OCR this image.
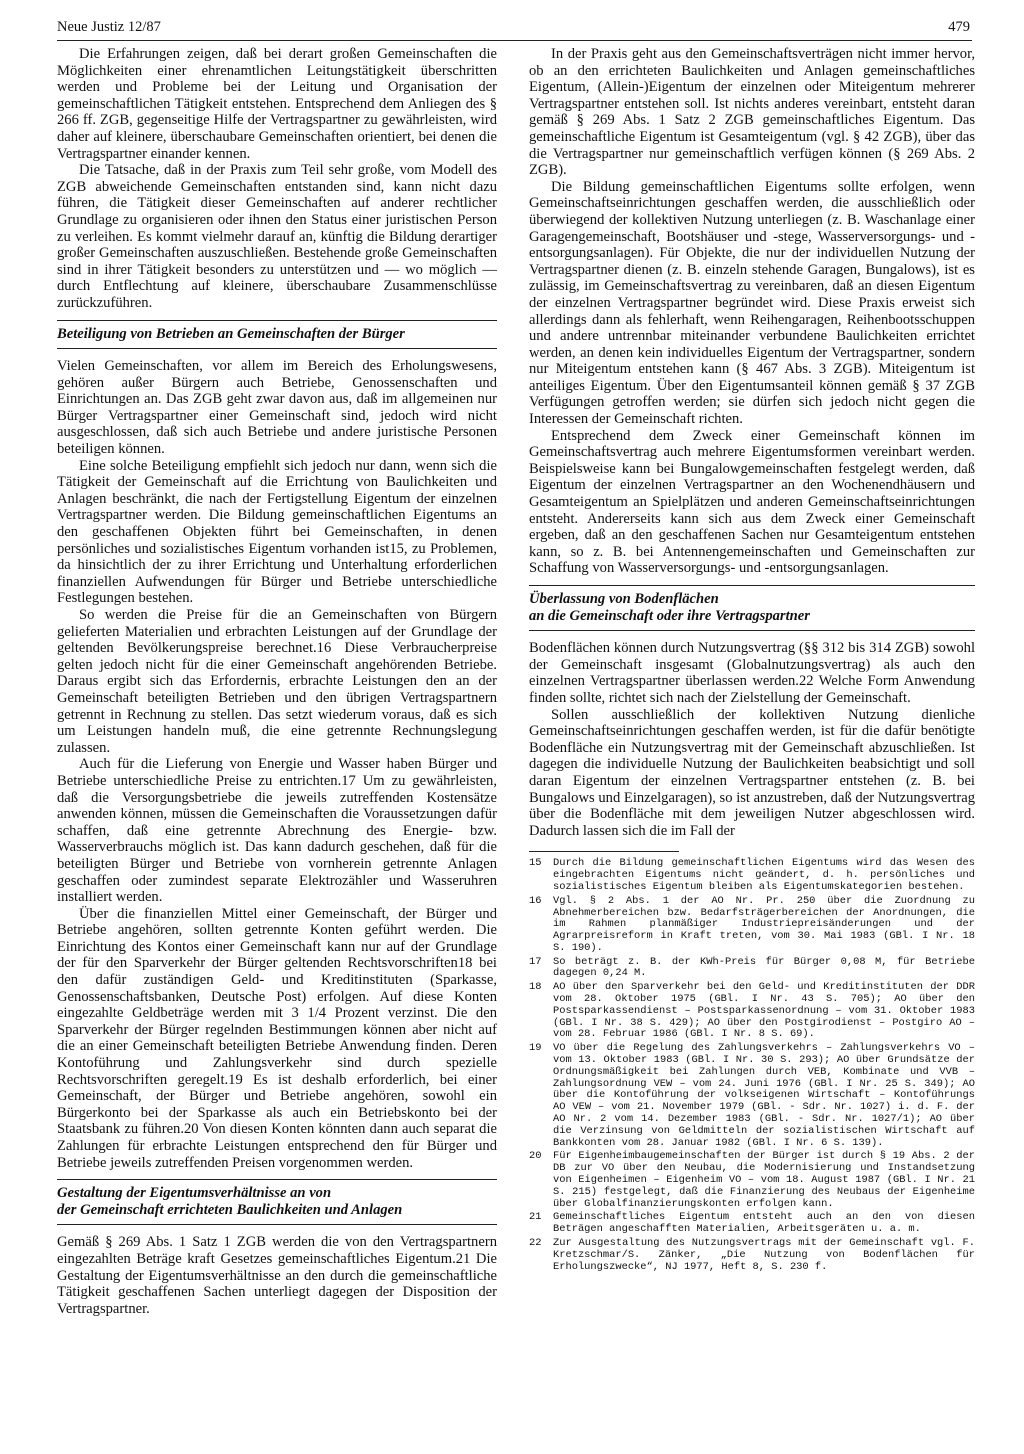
Neue Justiz 12/87	479

Die Erfahrungen zeigen, daß bei derart großen Gemeinschaften die Möglichkeiten einer ehrenamtlichen Leitungstätigkeit überschritten werden und Probleme bei der Leitung und Organisation der gemeinschaftlichen Tätigkeit entstehen. Entsprechend dem Anliegen des § 266 ff. ZGB, gegenseitige Hilfe der Vertragspartner zu gewährleisten, wird daher auf kleinere, überschaubare Gemeinschaften orientiert, bei denen die Vertragspartner einander kennen.

Die Tatsache, daß in der Praxis zum Teil sehr große, vom Modell des ZGB abweichende Gemeinschaften entstanden sind, kann nicht dazu führen, die Tätigkeit dieser Gemeinschaften auf anderer rechtlicher Grundlage zu organisieren oder ihnen den Status einer juristischen Person zu verleihen. Es kommt vielmehr darauf an, künftig die Bildung derartiger großer Gemeinschaften auszuschließen. Bestehende große Gemeinschaften sind in ihrer Tätigkeit besonders zu unterstützen und — wo möglich — durch Entflechtung auf kleinere, überschaubare Zusammenschlüsse zurückzuführen.

Beteiligung von Betrieben an Gemeinschaften der Bürger

Vielen Gemeinschaften, vor allem im Bereich des Erholungswesens, gehören außer Bürgern auch Betriebe, Genossenschaften und Einrichtungen an. Das ZGB geht zwar davon aus, daß im allgemeinen nur Bürger Vertragspartner einer Gemeinschaft sind, jedoch wird nicht ausgeschlossen, daß sich auch Betriebe und andere juristische Personen beteiligen können.

Eine solche Beteiligung empfiehlt sich jedoch nur dann, wenn sich die Tätigkeit der Gemeinschaft auf die Errichtung von Baulichkeiten und Anlagen beschränkt, die nach der Fertigstellung Eigentum der einzelnen Vertragspartner werden. Die Bildung gemeinschaftlichen Eigentums an den geschaffenen Objekten führt bei Gemeinschaften, in denen persönliches und sozialistisches Eigentum vorhanden ist15, zu Problemen, da hinsichtlich der zu ihrer Errichtung und Unterhaltung erforderlichen finanziellen Aufwendungen für Bürger und Betriebe unterschiedliche Festlegungen bestehen.

So werden die Preise für die an Gemeinschaften von Bürgern gelieferten Materialien und erbrachten Leistungen auf der Grundlage der geltenden Bevölkerungspreise berechnet.16 Diese Verbraucherpreise gelten jedoch nicht für die einer Gemeinschaft angehörenden Betriebe. Daraus ergibt sich das Erfordernis, erbrachte Leistungen den an der Gemeinschaft beteiligten Betrieben und den übrigen Vertragspartnern getrennt in Rechnung zu stellen. Das setzt wiederum voraus, daß es sich um Leistungen handeln muß, die eine getrennte Rechnungslegung zulassen.

Auch für die Lieferung von Energie und Wasser haben Bürger und Betriebe unterschiedliche Preise zu entrichten.17 Um zu gewährleisten, daß die Versorgungsbetriebe die jeweils zutreffenden Kostensätze anwenden können, müssen die Gemeinschaften die Voraussetzungen dafür schaffen, daß eine getrennte Abrechnung des Energie- bzw. Wasserverbrauchs möglich ist. Das kann dadurch geschehen, daß für die beteiligten Bürger und Betriebe von vornherein getrennte Anlagen geschaffen oder zumindest separate Elektrozähler und Wasseruhren installiert werden.

Über die finanziellen Mittel einer Gemeinschaft, der Bürger und Betriebe angehören, sollten getrennte Konten geführt werden. Die Einrichtung des Kontos einer Gemeinschaft kann nur auf der Grundlage der für den Sparverkehr der Bürger geltenden Rechtsvorschriften18 bei den dafür zuständigen Geld- und Kreditinstituten (Sparkasse, Genossenschaftsbanken, Deutsche Post) erfolgen. Auf diese Konten eingezahlte Geldbeträge werden mit 3 1/4 Prozent verzinst. Die den Sparverkehr der Bürger regelnden Bestimmungen können aber nicht auf die an einer Gemeinschaft beteiligten Betriebe Anwendung finden. Deren Kontoführung und Zahlungsverkehr sind durch spezielle Rechtsvorschriften geregelt.19 Es ist deshalb erforderlich, bei einer Gemeinschaft, der Bürger und Betriebe angehören, sowohl ein Bürgerkonto bei der Sparkasse als auch ein Betriebskonto bei der Staatsbank zu führen.20 Von diesen Konten könnten dann auch separat die Zahlungen für erbrachte Leistungen entsprechend den für Bürger und Betriebe jeweils zutreffenden Preisen vorgenommen werden.

Gestaltung der Eigentumsverhältnisse an von
der Gemeinschaft errichteten Baulichkeiten und Anlagen

Gemäß § 269 Abs. 1 Satz 1 ZGB werden die von den Vertragspartnern eingezahlten Beträge kraft Gesetzes gemeinschaftliches Eigentum.21 Die Gestaltung der Eigentumsverhältnisse an den durch die gemeinschaftliche Tätigkeit geschaffenen Sachen unterliegt dagegen der Disposition der Vertragspartner.

In der Praxis geht aus den Gemeinschaftsverträgen nicht immer hervor, ob an den errichteten Baulichkeiten und Anlagen gemeinschaftliches Eigentum, (Allein-)Eigentum der einzelnen oder Miteigentum mehrerer Vertragspartner entstehen soll. Ist nichts anderes vereinbart, entsteht daran gemäß § 269 Abs. 1 Satz 2 ZGB gemeinschaftliches Eigentum. Das gemeinschaftliche Eigentum ist Gesamteigentum (vgl. § 42 ZGB), über das die Vertragspartner nur gemeinschaftlich verfügen können (§ 269 Abs. 2 ZGB).

Die Bildung gemeinschaftlichen Eigentums sollte erfolgen, wenn Gemeinschaftseinrichtungen geschaffen werden, die ausschließlich oder überwiegend der kollektiven Nutzung unterliegen (z. B. Waschanlage einer Garagengemeinschaft, Bootshäuser und -stege, Wasserversorgungs- und -entsorgungsanlagen). Für Objekte, die nur der individuellen Nutzung der Vertragspartner dienen (z. B. einzeln stehende Garagen, Bungalows), ist es zulässig, im Gemeinschaftsvertrag zu vereinbaren, daß an diesen Eigentum der einzelnen Vertragspartner begründet wird. Diese Praxis erweist sich allerdings dann als fehlerhaft, wenn Reihengaragen, Reihenbootsschuppen und andere untrennbar miteinander verbundene Baulichkeiten errichtet werden, an denen kein individuelles Eigentum der Vertragspartner, sondern nur Miteigentum entstehen kann (§ 467 Abs. 3 ZGB). Miteigentum ist anteiliges Eigentum. Über den Eigentumsanteil können gemäß § 37 ZGB Verfügungen getroffen werden; sie dürfen sich jedoch nicht gegen die Interessen der Gemeinschaft richten.

Entsprechend dem Zweck einer Gemeinschaft können im Gemeinschaftsvertrag auch mehrere Eigentumsformen vereinbart werden. Beispielsweise kann bei Bungalowgemeinschaften festgelegt werden, daß Eigentum der einzelnen Vertragspartner an den Wochenendhäusern und Gesamteigentum an Spielplätzen und anderen Gemeinschaftseinrichtungen entsteht. Andererseits kann sich aus dem Zweck einer Gemeinschaft ergeben, daß an den geschaffenen Sachen nur Gesamteigentum entstehen kann, so z. B. bei Antennengemeinschaften und Gemeinschaften zur Schaffung von Wasserversorgungs- und -entsorgungsanlagen.

Überlassung von Bodenflächen
an die Gemeinschaft oder ihre Vertragspartner

Bodenflächen können durch Nutzungsvertrag (§§ 312 bis 314 ZGB) sowohl der Gemeinschaft insgesamt (Globalnutzungsvertrag) als auch den einzelnen Vertragspartner überlassen werden.22 Welche Form Anwendung finden sollte, richtet sich nach der Zielstellung der Gemeinschaft.

Sollen ausschließlich der kollektiven Nutzung dienliche Gemeinschaftseinrichtungen geschaffen werden, ist für die dafür benötigte Bodenfläche ein Nutzungsvertrag mit der Gemeinschaft abzuschließen. Ist dagegen die individuelle Nutzung der Baulichkeiten beabsichtigt und soll daran Eigentum der einzelnen Vertragspartner entstehen (z. B. bei Bungalows und Einzelgaragen), so ist anzustreben, daß der Nutzungsvertrag über die Bodenfläche mit dem jeweiligen Nutzer abgeschlossen wird. Dadurch lassen sich die im Fall der

15	Durch die Bildung gemeinschaftlichen Eigentums wird das Wesen des eingebrachten Eigentums nicht geändert, d. h. persönliches und sozialistisches Eigentum bleiben als Eigentumskategorien bestehen.
16	Vgl. § 2 Abs. 1 der AO Nr. Pr. 250 über die Zuordnung zu Abnehmerbereichen bzw. Bedarfsträgerbereichen der Anordnungen, die im Rahmen planmäßiger Industriepreisänderungen und der Agrarpreisreform in Kraft treten, vom 30. Mai 1983 (GBl. I Nr. 18 S. 190).
17	So beträgt z. B. der KWh-Preis für Bürger 0,08 M, für Betriebe dagegen 0,24 M.
18	AO über den Sparverkehr bei den Geld- und Kreditinstituten der DDR vom 28. Oktober 1975 (GBl. I Nr. 43 S. 705); AO über den Postsparkassendienst – Postsparkassenordnung – vom 31. Oktober 1983 (GBl. I Nr. 38 S. 429); AO über den Postgirodienst – Postgiro AO – vom 28. Februar 1986 (GBl. I Nr. 8 S. 69).
19	VO über die Regelung des Zahlungsverkehrs – Zahlungsverkehrs VO – vom 13. Oktober 1983 (GBl. I Nr. 30 S. 293); AO über Grundsätze der Ordnungsmäßigkeit bei Zahlungen durch VEB, Kombinate und VVB – Zahlungsordnung VEW – vom 24. Juni 1976 (GBl. I Nr. 25 S. 349); AO über die Kontoführung der volkseigenen Wirtschaft – Kontoführungs AO VEW – vom 21. November 1979 (GBl. - Sdr. Nr. 1027) i. d. F. der AO Nr. 2 vom 14. Dezember 1983 (GBl. - Sdr. Nr. 1027/1); AO über die Verzinsung von Geldmitteln der sozialistischen Wirtschaft auf Bankkonten vom 28. Januar 1982 (GBl. I Nr. 6 S. 139).
20	Für Eigenheimbaugemeinschaften der Bürger ist durch § 19 Abs. 2 der DB zur VO über den Neubau, die Modernisierung und Instandsetzung von Eigenheimen – Eigenheim VO – vom 18. August 1987 (GBl. I Nr. 21 S. 215) festgelegt, daß die Finanzierung des Neubaus der Eigenheime über Globalfinanzierungskonten erfolgen kann.
21	Gemeinschaftliches Eigentum entsteht auch an den von diesen Beträgen angeschafften Materialien, Arbeitsgeräten u. a. m.
22	Zur Ausgestaltung des Nutzungsvertrags mit der Gemeinschaft vgl. F. Kretzschmar/S. Zänker, „Die Nutzung von Bodenflächen für Erholungszwecke“, NJ 1977, Heft 8, S. 230 f.
